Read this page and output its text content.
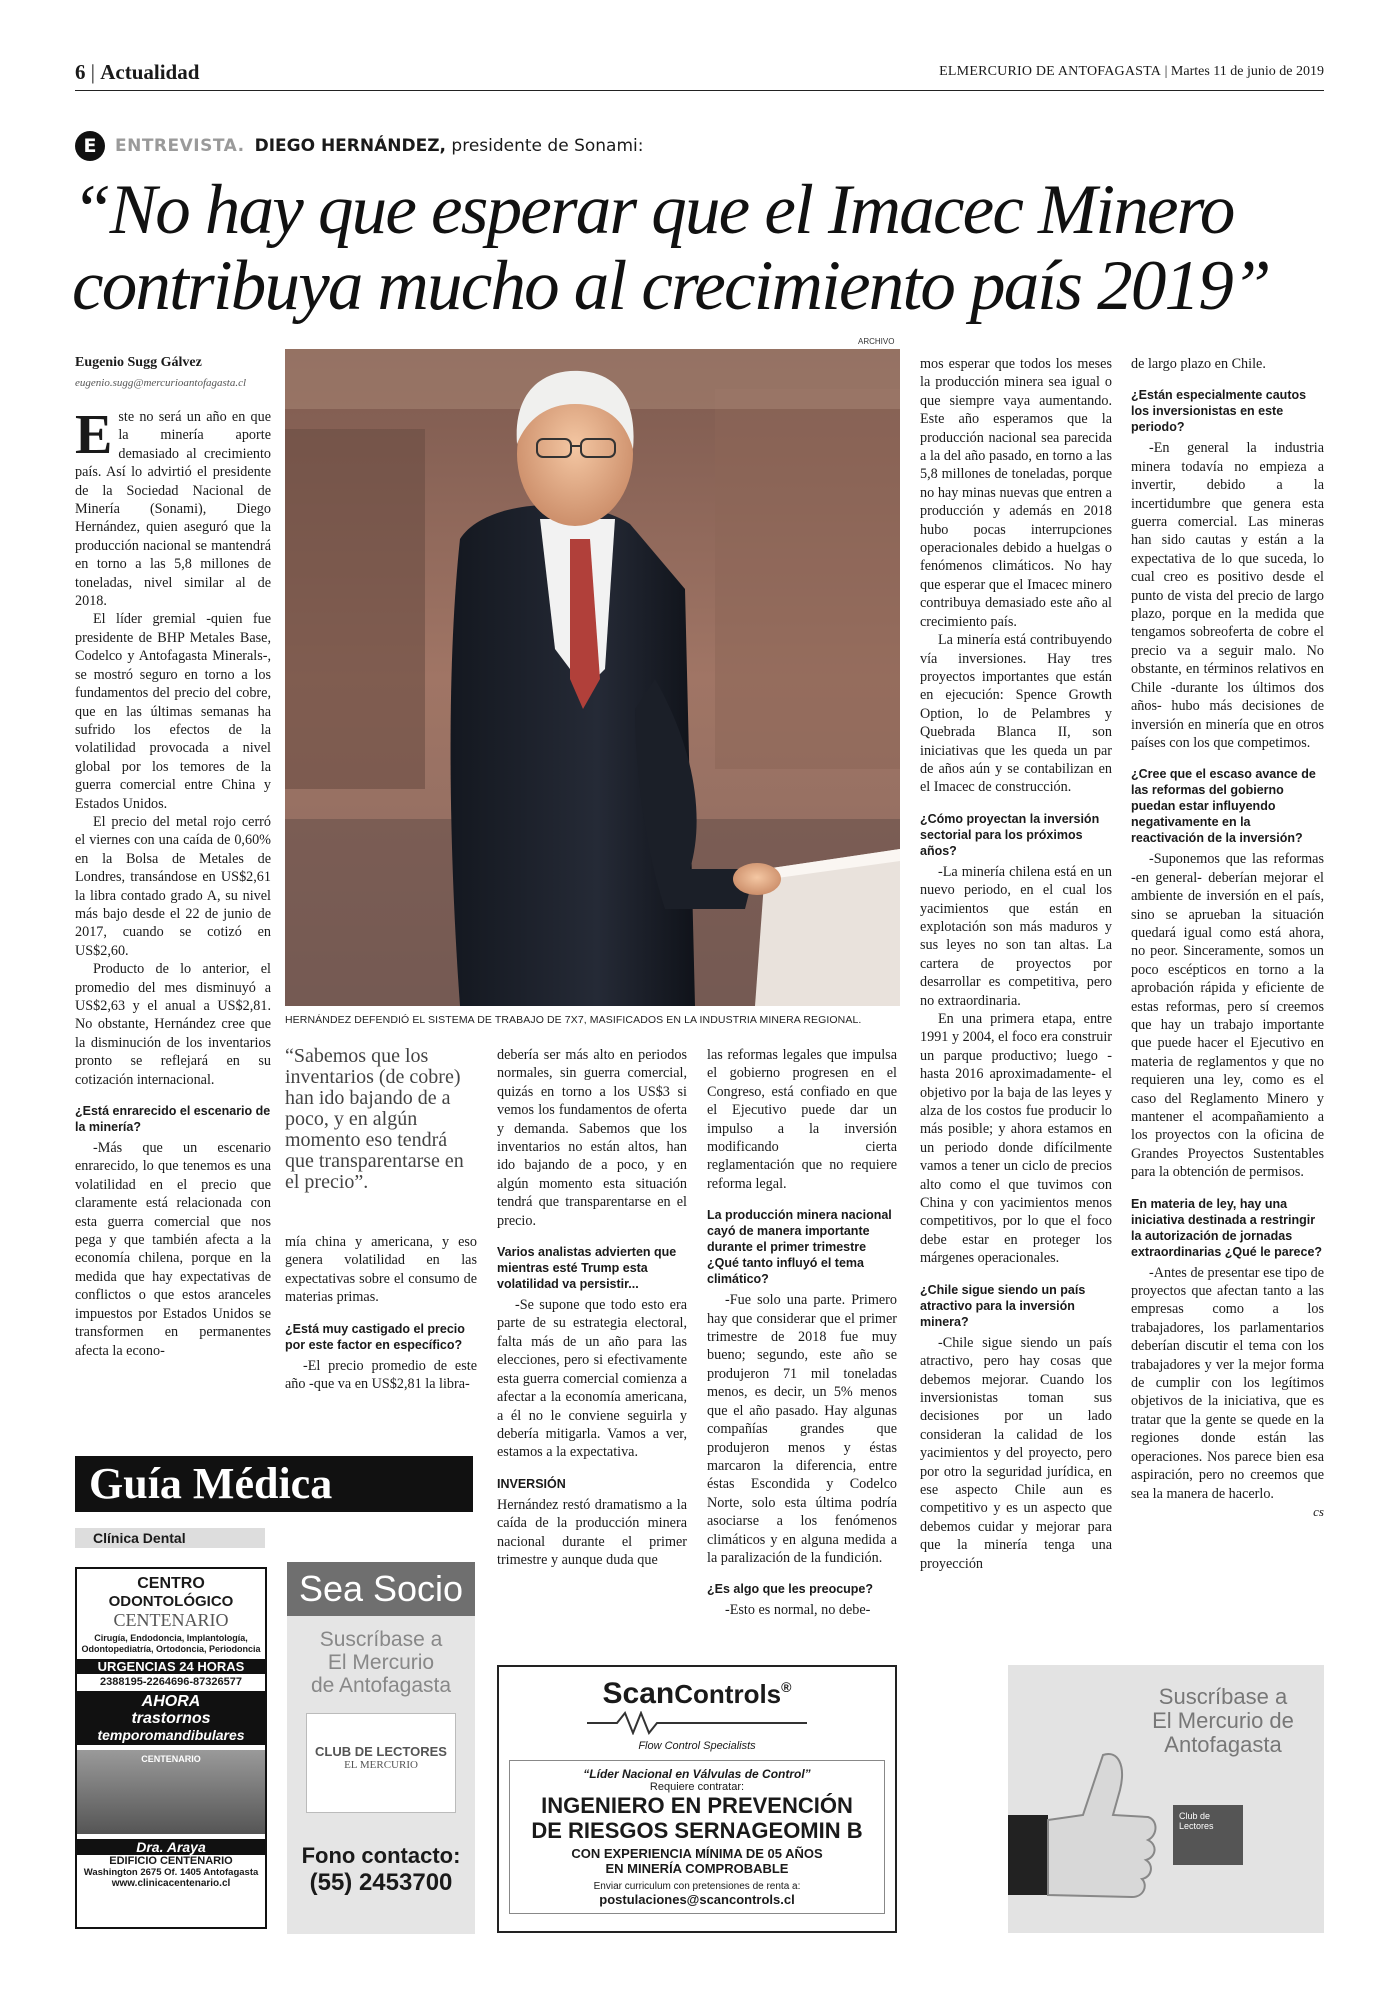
6 | Actualidad	ELMERCURIO DE ANTOFAGASTA | Martes 11 de junio de 2019
E	ENTREVISTA. DIEGO HERNÁNDEZ, presidente de Sonami:
“No hay que esperar que el Imacec Minero contribuya mucho al crecimiento país 2019”
Eugenio Sugg Gálvez
eugenio.sugg@mercurioantofagasta.cl

Este no será un año en que la minería aporte demasiado al crecimiento país. Así lo advirtió el presidente de la Sociedad Nacional de Minería (Sonami), Diego Hernández, quien aseguró que la producción nacional se mantendrá en torno a las 5,8 millones de toneladas, nivel similar al de 2018.

El líder gremial -quien fue presidente de BHP Metales Base, Codelco y Antofagasta Minerals-, se mostró seguro en torno a los fundamentos del precio del cobre, que en las últimas semanas ha sufrido los efectos de la volatilidad provocada a nivel global por los temores de la guerra comercial entre China y Estados Unidos.

El precio del metal rojo cerró el viernes con una caída de 0,60% en la Bolsa de Metales de Londres, transándose en US$2,61 la libra contado grado A, su nivel más bajo desde el 22 de junio de 2017, cuando se cotizó en US$2,60.

Producto de lo anterior, el promedio del mes disminuyó a US$2,63 y el anual a US$2,81. No obstante, Hernández cree que la disminución de los inventarios pronto se reflejará en su cotización internacional.

¿Está enrarecido el escenario de la minería?

-Más que un escenario enrarecido, lo que tenemos es una volatilidad en el precio que claramente está relacionada con esta guerra comercial que nos pega y que también afecta a la economía chilena, porque en la medida que hay expectativas de conflictos o que estos aranceles impuestos por Estados Unidos se transformen en permanentes afecta la econo-

ARCHIVO
HERNÁNDEZ DEFENDIÓ EL SISTEMA DE TRABAJO DE 7X7, MASIFICADOS EN LA INDUSTRIA MINERA REGIONAL.
“Sabemos que los inventarios (de cobre) han ido bajando de a poco, y en algún momento eso tendrá que transparentarse en el precio”.

mía china y americana, y eso genera volatilidad en las expectativas sobre el consumo de materias primas.

¿Está muy castigado el precio por este factor en específico?

-El precio promedio de este año -que va en US$2,81 la libra-

debería ser más alto en periodos normales, sin guerra comercial, quizás en torno a los US$3 si vemos los fundamentos de oferta y demanda. Sabemos que los inventarios no están altos, han ido bajando de a poco, y en algún momento esta situación tendrá que transparentarse en el precio.

Varios analistas advierten que mientras esté Trump esta volatilidad va persistir...

-Se supone que todo esto era parte de su estrategia electoral, falta más de un año para las elecciones, pero si efectivamente esta guerra comercial comienza a afectar a la economía americana, a él no le conviene seguirla y debería mitigarla. Vamos a ver, estamos a la expectativa.

INVERSIÓN

Hernández restó dramatismo a la caída de la producción minera nacional durante el primer trimestre y aunque duda que

las reformas legales que impulsa el gobierno progresen en el Congreso, está confiado en que el Ejecutivo puede dar un impulso a la inversión modificando cierta reglamentación que no requiere reforma legal.

La producción minera nacional cayó de manera importante durante el primer trimestre ¿Qué tanto influyó el tema climático?

-Fue solo una parte. Primero hay que considerar que el primer trimestre de 2018 fue muy bueno; segundo, este año se produjeron 71 mil toneladas menos, es decir, un 5% menos que el año pasado. Hay algunas compañías grandes que produjeron menos y éstas marcaron la diferencia, entre éstas Escondida y Codelco Norte, solo esta última podría asociarse a los fenómenos climáticos y en alguna medida a la paralización de la fundición.

¿Es algo que les preocupe?

-Esto es normal, no debe-

mos esperar que todos los meses la producción minera sea igual o que siempre vaya aumentando. Este año esperamos que la producción nacional sea parecida a la del año pasado, en torno a las 5,8 millones de toneladas, porque no hay minas nuevas que entren a producción y además en 2018 hubo pocas interrupciones operacionales debido a huelgas o fenómenos climáticos. No hay que esperar que el Imacec minero contribuya demasiado este año al crecimiento país.

La minería está contribuyendo vía inversiones. Hay tres proyectos importantes que están en ejecución: Spence Growth Option, lo de Pelambres y Quebrada Blanca II, son iniciativas que les queda un par de años aún y se contabilizan en el Imacec de construcción.

¿Cómo proyectan la inversión sectorial para los próximos años?

-La minería chilena está en un nuevo periodo, en el cual los yacimientos que están en explotación son más maduros y sus leyes no son tan altas. La cartera de proyectos por desarrollar es competitiva, pero no extraordinaria.

En una primera etapa, entre 1991 y 2004, el foco era construir un parque productivo; luego -hasta 2016 aproximadamente- el objetivo por la baja de las leyes y alza de los costos fue producir lo más posible; y ahora estamos en un periodo donde difícilmente vamos a tener un ciclo de precios alto como el que tuvimos con China y con yacimientos menos competitivos, por lo que el foco debe estar en proteger los márgenes operacionales.

¿Chile sigue siendo un país atractivo para la inversión minera?

-Chile sigue siendo un país atractivo, pero hay cosas que debemos mejorar. Cuando los inversionistas toman sus decisiones por un lado consideran la calidad de los yacimientos y del proyecto, pero por otro la seguridad jurídica, en ese aspecto Chile aun es competitivo y es un aspecto que debemos cuidar y mejorar para que la minería tenga una proyección

de largo plazo en Chile.

¿Están especialmente cautos los inversionistas en este periodo?

-En general la industria minera todavía no empieza a invertir, debido a la incertidumbre que genera esta guerra comercial. Las mineras han sido cautas y están a la expectativa de lo que suceda, lo cual creo es positivo desde el punto de vista del precio de largo plazo, porque en la medida que tengamos sobreoferta de cobre el precio va a seguir malo. No obstante, en términos relativos en Chile -durante los últimos dos años- hubo más decisiones de inversión en minería que en otros países con los que competimos.

¿Cree que el escaso avance de las reformas del gobierno puedan estar influyendo negativamente en la reactivación de la inversión?

-Suponemos que las reformas -en general- deberían mejorar el ambiente de inversión en el país, sino se aprueban la situación quedará igual como está ahora, no peor. Sinceramente, somos un poco escépticos en torno a la aprobación rápida y eficiente de estas reformas, pero sí creemos que hay un trabajo importante que puede hacer el Ejecutivo en materia de reglamentos y que no requieren una ley, como es el caso del Reglamento Minero y mantener el acompañamiento a los proyectos con la oficina de Grandes Proyectos Sustentables para la obtención de permisos.

En materia de ley, hay una iniciativa destinada a restringir la autorización de jornadas extraordinarias ¿Qué le parece?

-Antes de presentar ese tipo de proyectos que afectan tanto a las empresas como a los trabajadores, los parlamentarios deberían discutir el tema con los trabajadores y ver la mejor forma de cumplir con los legítimos objetivos de la iniciativa, que es tratar que la gente se quede en la regiones donde están las operaciones. Nos parece bien esa aspiración, pero no creemos que sea la manera de hacerlo.

cs
Guía Médica
Clínica Dental
CENTRO
ODONTOLÓGICO
CENTENARIO
Cirugía, Endodoncia, Implantología, Odontopediatría, Ortodoncia, Periodoncia
URGENCIAS 24 HORAS
2388195-2264696-87326577
AHORA
trastornos
temporomandibulares
CENTENARIO
Dra. Araya
EDIFICIO CENTENARIO
Washington 2675 Of. 1405 Antofagasta
www.clinicacentenario.cl
Sea Socio
Suscríbase a
El Mercurio
de Antofagasta
CLUB DE LECTORES
EL MERCURIO
Fono contacto:
(55) 2453700
ScanControls®
Flow Control Specialists
“Líder Nacional en Válvulas de Control”
Requiere contratar:
INGENIERO EN PREVENCIÓN
DE RIESGOS SERNAGEOMIN B
CON EXPERIENCIA MÍNIMA DE 05 AÑOS
EN MINERÍA COMPROBABLE
Enviar curriculum con pretensiones de renta a:
postulaciones@scancontrols.cl
Suscríbase a
El Mercurio de
Antofagasta
Club de Lectores
